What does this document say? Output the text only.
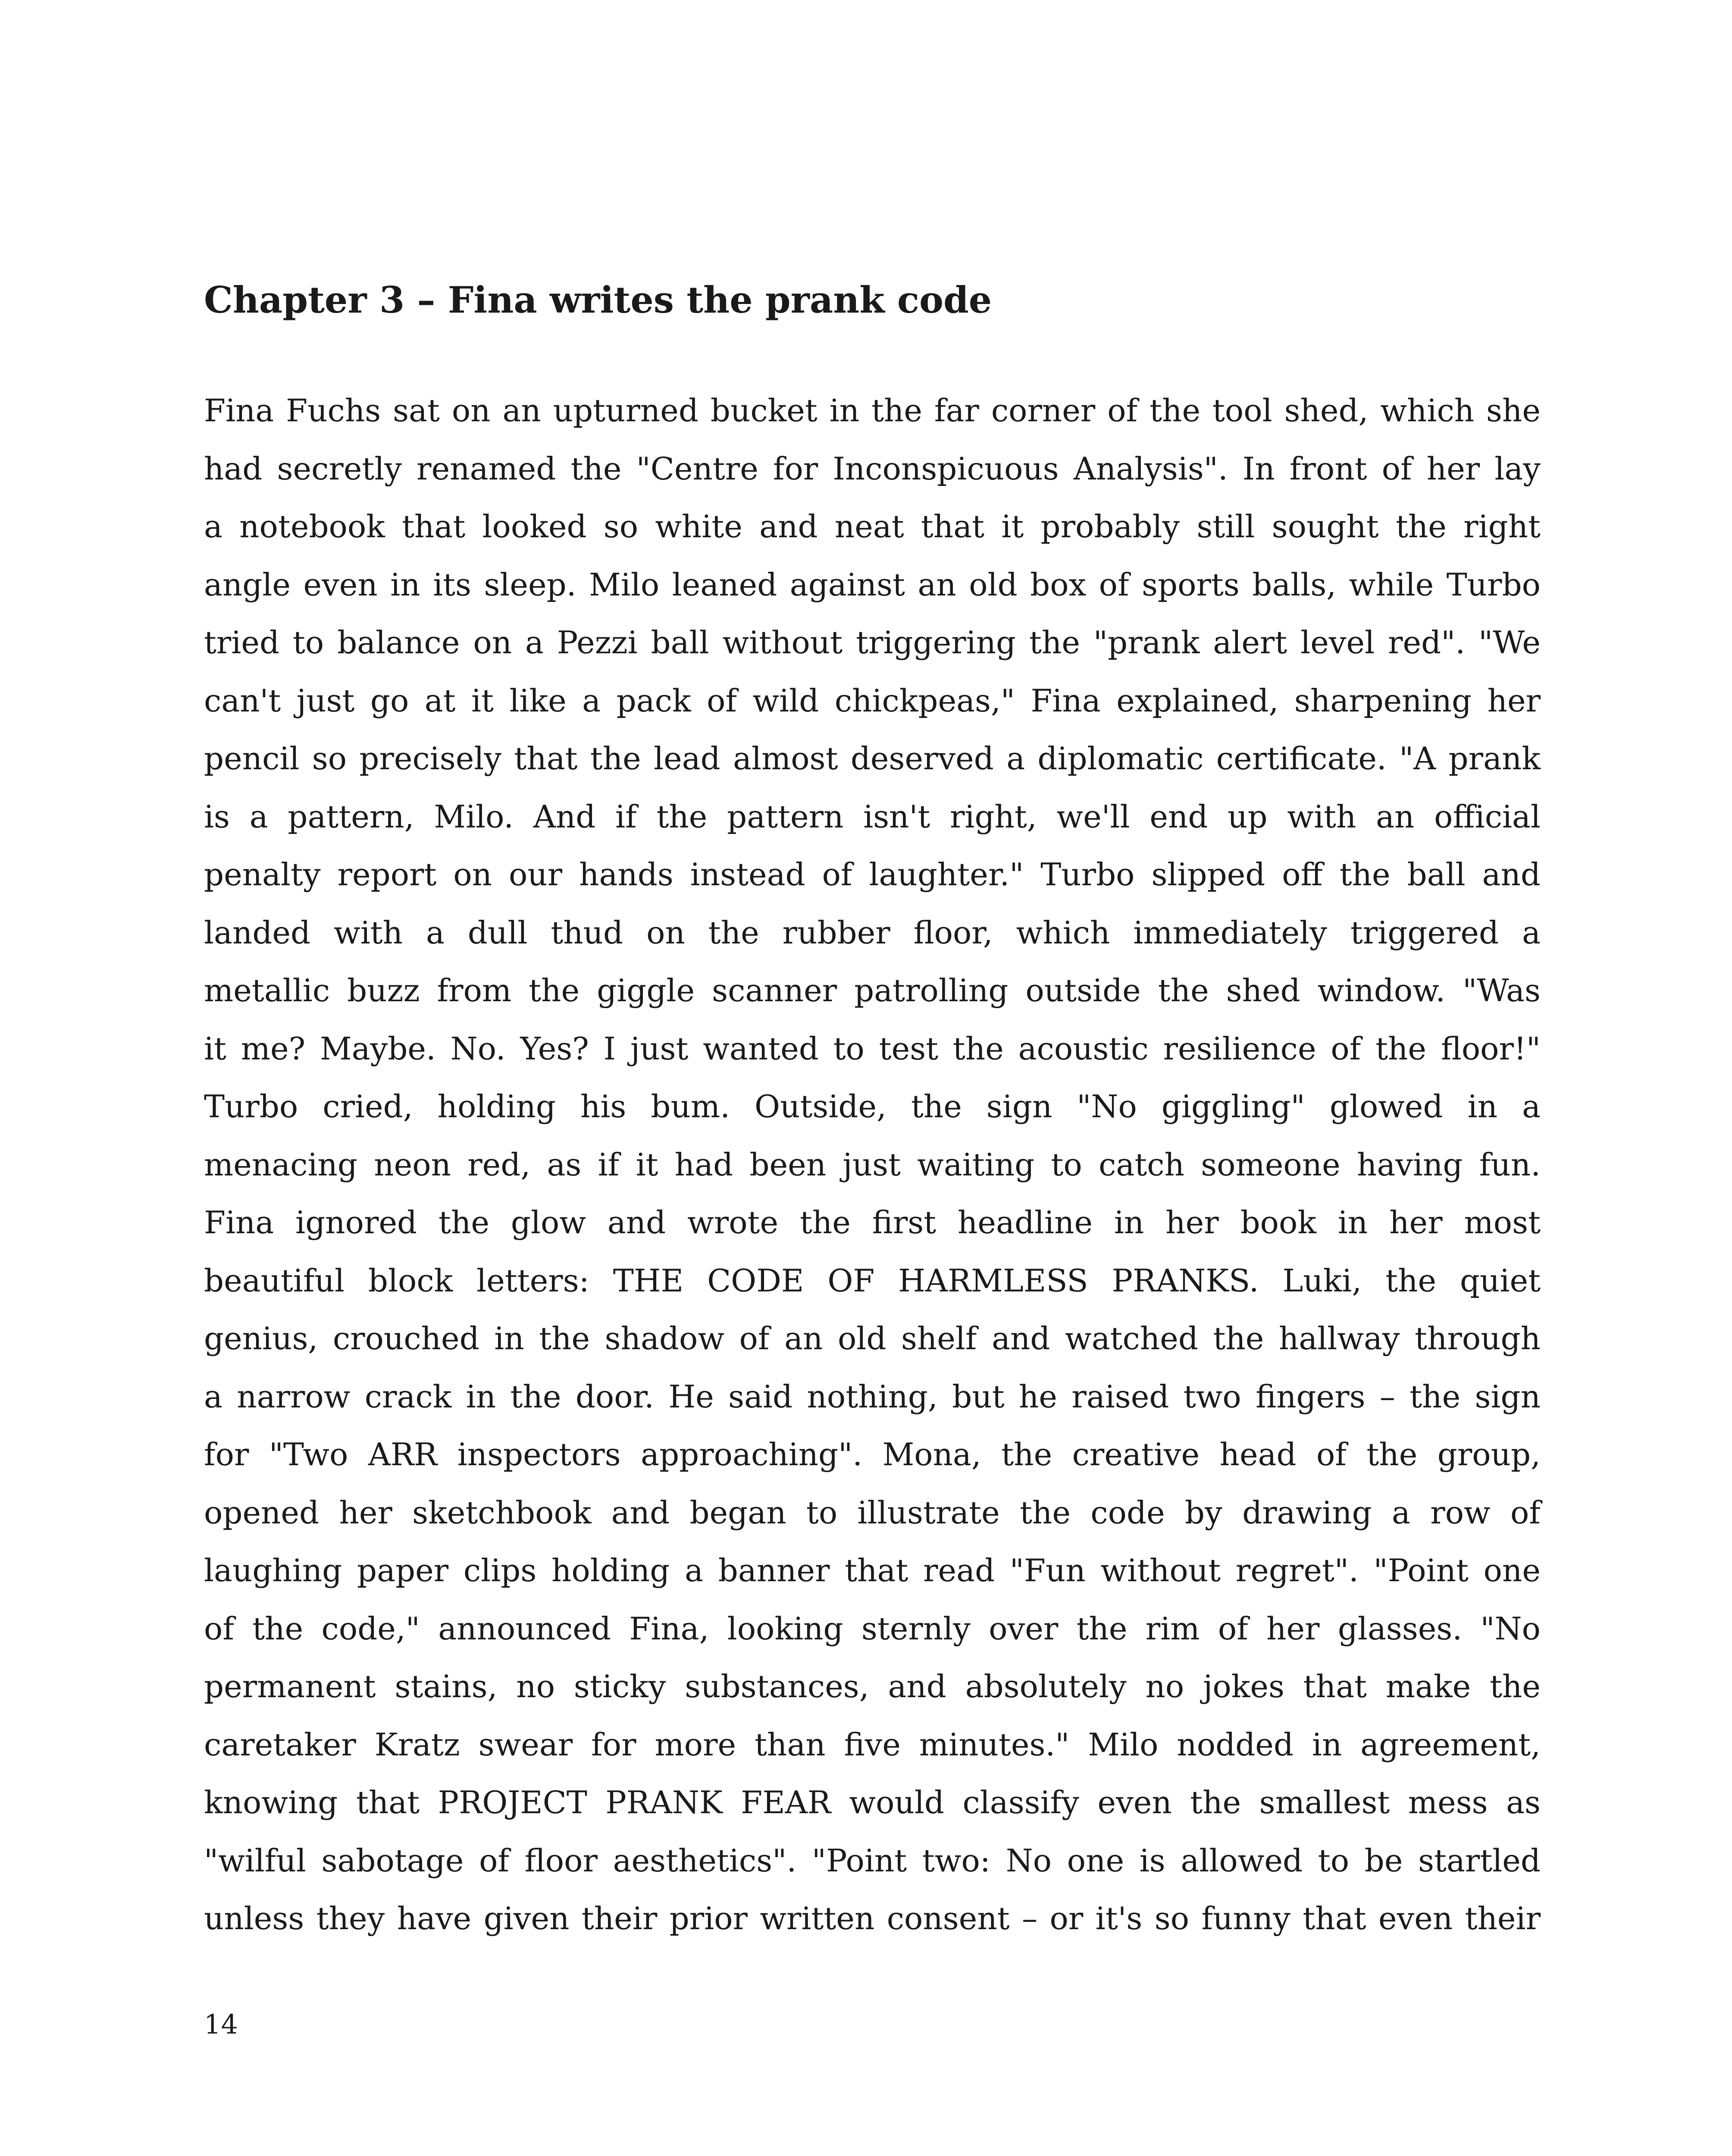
Chapter 3 – Fina writes the prank code
Fina Fuchs sat on an upturned bucket in the far corner of the tool shed, which she
had secretly renamed the "Centre for Inconspicuous Analysis". In front of her lay
a notebook that looked so white and neat that it probably still sought the right
angle even in its sleep. Milo leaned against an old box of sports balls, while Turbo
tried to balance on a Pezzi ball without triggering the "prank alert level red". "We
can't just go at it like a pack of wild chickpeas," Fina explained, sharpening her
pencil so precisely that the lead almost deserved a diplomatic certificate. "A prank
is a pattern, Milo. And if the pattern isn't right, we'll end up with an official
penalty report on our hands instead of laughter." Turbo slipped off the ball and
landed with a dull thud on the rubber floor, which immediately triggered a
metallic buzz from the giggle scanner patrolling outside the shed window. "Was
it me? Maybe. No. Yes? I just wanted to test the acoustic resilience of the floor!"
Turbo cried, holding his bum. Outside, the sign "No giggling" glowed in a
menacing neon red, as if it had been just waiting to catch someone having fun.
Fina ignored the glow and wrote the first headline in her book in her most
beautiful block letters: THE CODE OF HARMLESS PRANKS. Luki, the quiet
genius, crouched in the shadow of an old shelf and watched the hallway through
a narrow crack in the door. He said nothing, but he raised two fingers – the sign
for "Two ARR inspectors approaching". Mona, the creative head of the group,
opened her sketchbook and began to illustrate the code by drawing a row of
laughing paper clips holding a banner that read "Fun without regret". "Point one
of the code," announced Fina, looking sternly over the rim of her glasses. "No
permanent stains, no sticky substances, and absolutely no jokes that make the
caretaker Kratz swear for more than five minutes." Milo nodded in agreement,
knowing that PROJECT PRANK FEAR would classify even the smallest mess as
"wilful sabotage of floor aesthetics". "Point two: No one is allowed to be startled
unless they have given their prior written consent – or it's so funny that even their
14
